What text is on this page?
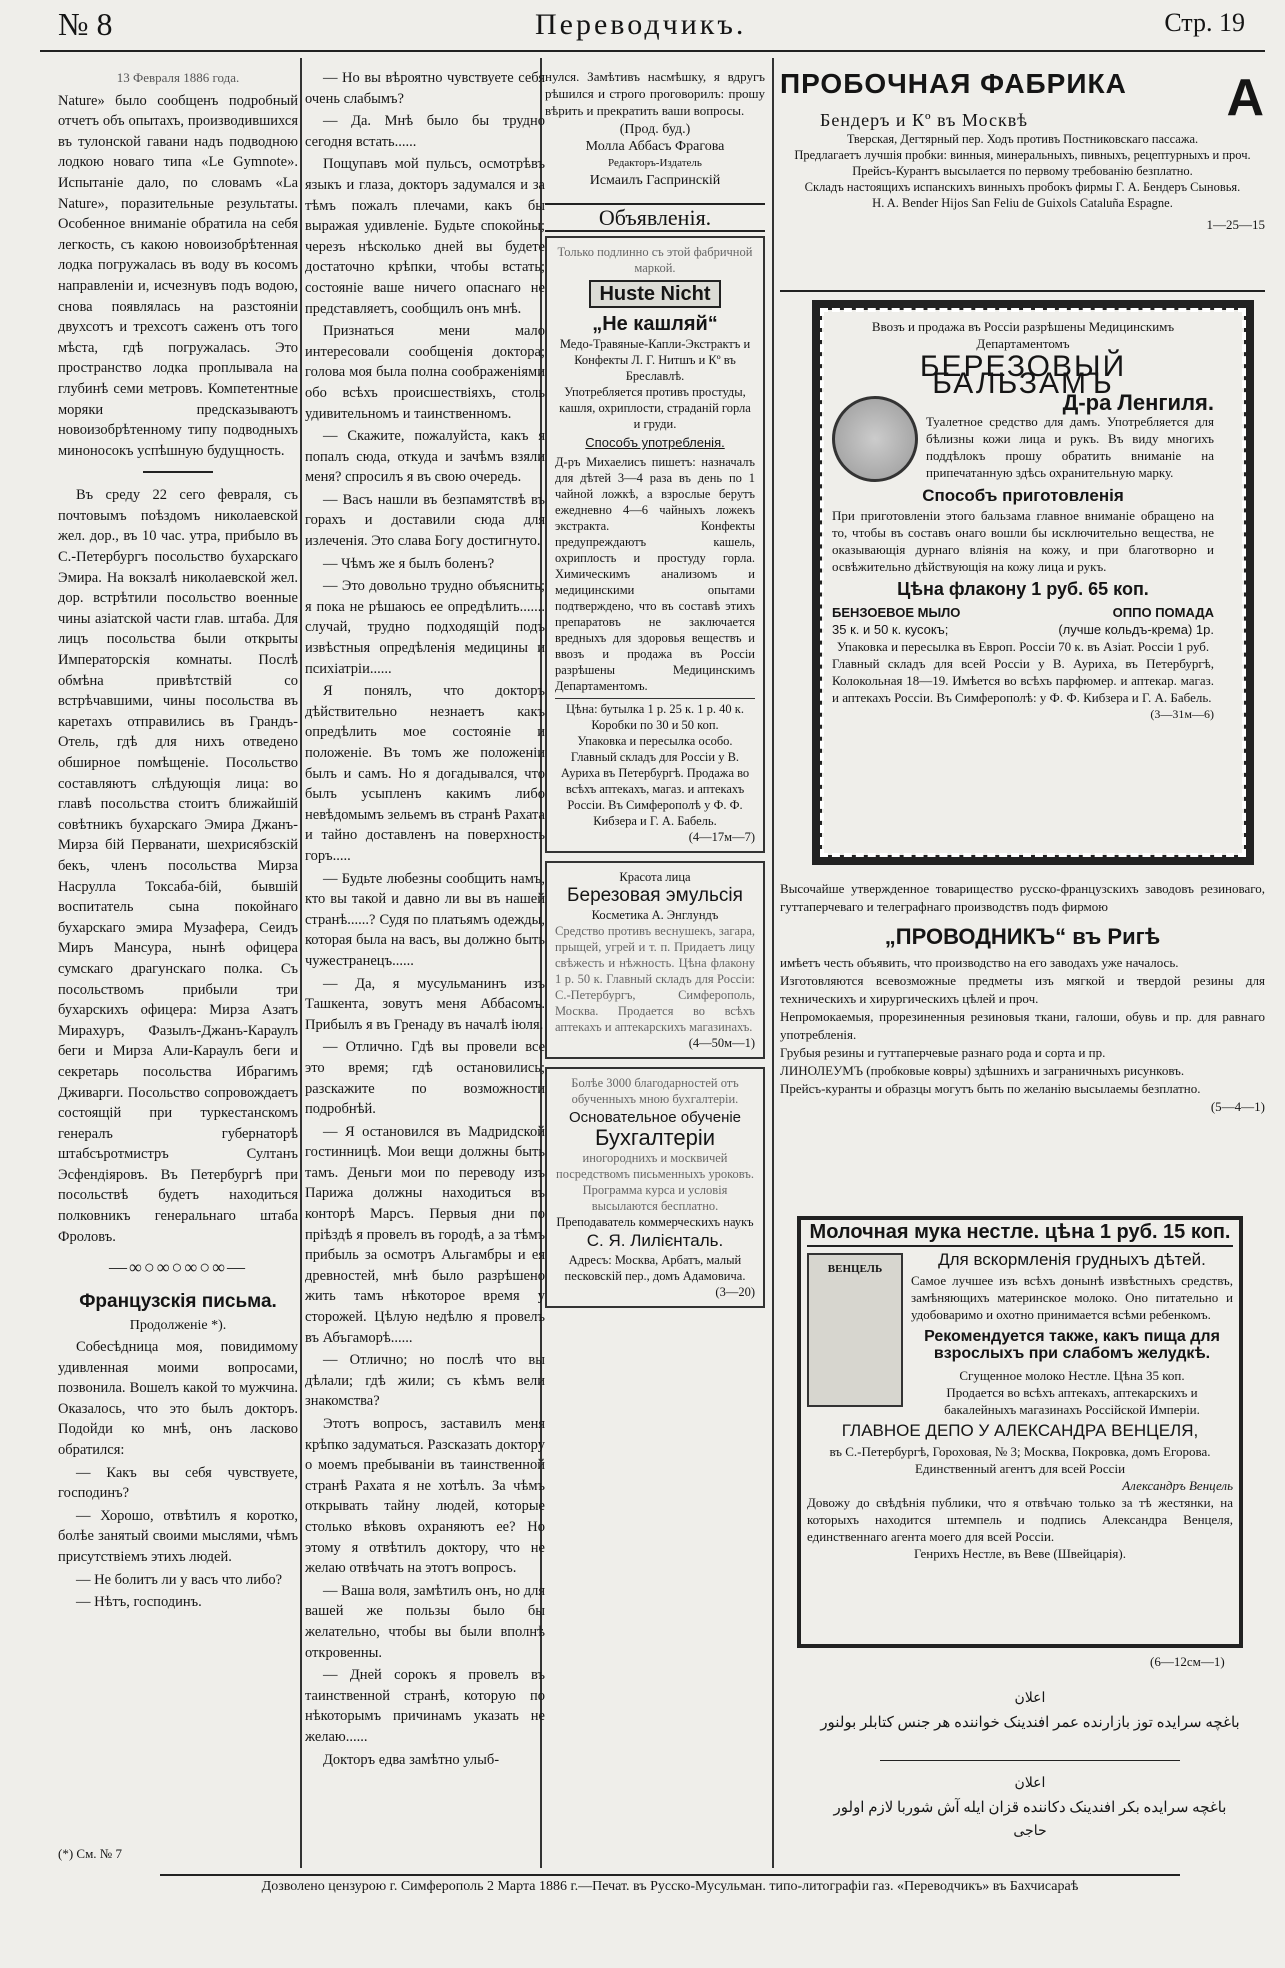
№ 8	Переводчикъ.	Стр. 19
13 Февраля 1886 года.

Nature» было сообщенъ подробный отчетъ объ опытахъ, производившихся въ тулонской гавани надъ подводною лодкою новаго типа «Le Gymnote». Испытаніе дало, по словамъ «La Nature», поразительные результаты. Особенное вниманіе обратила на себя легкость, съ какою новоизобрѣтенная лодка погружалась въ воду въ косомъ направленіи и, исчезнувъ подъ водою, снова появлялась на разстояніи двухсотъ и трехсотъ саженъ отъ того мѣста, гдѣ погружалась. Это пространство лодка проплывала на глубинѣ семи метровъ. Компетентные моряки предсказываютъ новоизобрѣтенному типу подводныхъ миноносокъ успѣшную будущность.

Въ среду 22 сего февраля, съ почтовымъ поѣздомъ николаевской жел. дор., въ 10 час. утра, прибыло въ С.-Петербургъ посольство бухарскаго Эмира. На вокзалѣ николаевской жел. дор. встрѣтили посольство военные чины азіатской части глав. штаба. Для лицъ посольства были открыты Императорскія комнаты. Послѣ обмѣна привѣтствій со встрѣчавшими, чины посольства въ каретахъ отправились въ Грандъ-Отель, гдѣ для нихъ отведено обширное помѣщеніе. Посольство составляютъ слѣдующія лица: во главѣ посольства стоитъ ближайшій совѣтникъ бухарскаго Эмира Джанъ-Мирза бій Перванати, шехрисябзскій бекъ, членъ посольства Мирза Насрулла Токсаба-бій, бывшій воспитатель сына покойнаго бухарскаго эмира Музафера, Сеидъ Миръ Мансура, нынѣ офицера сумскаго драгунскаго полка. Съ посольствомъ прибыли три бухарскихъ офицера: Мирза Азатъ Мирахуръ, Фазылъ-Джанъ-Караулъ беги и Мирза Али-Караулъ беги и секретарь посольства Ибрагимъ Дживарги. Посольство сопровождаетъ состоящій при туркестанскомъ генералъ губернаторѣ штабсъротмистръ Султанъ Эсфендіяровъ. Въ Петербургѣ при посольствѣ будетъ находиться полковникъ генеральнаго штаба Фроловъ.

—∞○∞○∞○∞—
Французскія письма.
Продолженіе *).

Собесѣдница моя, повидимому удивленная моими вопросами, позвонила. Вошелъ какой то мужчина. Оказалось, что это былъ докторъ. Подойди ко мнѣ, онъ ласково обратился:

— Какъ вы себя чувствуете, господинъ?

— Хорошо, отвѣтилъ я коротко, болѣе занятый своими мыслями, чѣмъ присутствіемъ этихъ людей.

— Не болитъ ли у васъ что либо?

— Нѣтъ, господинъ.

(*) См. № 7

— Но вы вѣроятно чувствуете себя очень слабымъ?

— Да. Мнѣ было бы трудно сегодня встать......

Пощупавъ мой пульсъ, осмотрѣвъ языкъ и глаза, докторъ задумался и за тѣмъ пожалъ плечами, какъ бы выражая удивленіе. Будьте спокойны; черезъ нѣсколько дней вы будете достаточно крѣпки, чтобы встать; состояніе ваше ничего опаснаго не представляетъ, сообщилъ онъ мнѣ.

Признаться мени мало интересовали сообщенія доктора; голова моя была полна соображеніями обо всѣхъ происшествіяхъ, столь удивительномъ и таинственномъ.

— Скажите, пожалуйста, какъ я попалъ сюда, откуда и зачѣмъ взяли меня? спросилъ я въ свою очередь.

— Васъ нашли въ безпамятствѣ въ горахъ и доставили сюда для излеченія. Это слава Богу достигнуто.

— Чѣмъ же я былъ боленъ?

— Это довольно трудно объяснить; я пока не рѣшаюсь ее опредѣлить....... случай, трудно подходящій подъ извѣстныя опредѣленія медицины и психіатріи......

Я понялъ, что докторъ дѣйствительно незнаетъ какъ опредѣлить мое состояніе и положеніе. Въ томъ же положеніи былъ и самъ. Но я догадывался, что былъ усыпленъ какимъ либо невѣдомымъ зельемъ въ странѣ Рахата и тайно доставленъ на поверхность горъ.....

— Будьте любезны сообщить намъ, кто вы такой и давно ли вы въ нашей странѣ......? Судя по платьямъ одежды, которая была на васъ, вы должно быть чужестранецъ......

— Да, я мусульманинъ изъ Ташкента, зовутъ меня Аббасомъ. Прибылъ я въ Гренаду въ началѣ іюля.

— Отлично. Гдѣ вы провели все это время; гдѣ остановились; разскажите по возможности подробнѣй.

— Я остановился въ Мадридской гостинницѣ. Мои вещи должны быть тамъ. Деньги мои по переводу изъ Парижа должны находиться въ конторѣ Марсъ. Первыя дни по пріѣздѣ я провелъ въ городѣ, а за тѣмъ прибыль за осмотръ Альгамбры и ея древностей, мнѣ было разрѣшено жить тамъ нѣкоторое время у сторожей. Цѣлую недѣлю я провелъ въ Абъгаморѣ......

— Отлично; но послѣ что вы дѣлали; гдѣ жили; съ кѣмъ вели знакомства?

Этотъ вопросъ, заставилъ меня крѣпко задуматься. Разсказать доктору о моемъ пребываніи въ таинственной странѣ Рахата я не хотѣлъ. За чѣмъ открывать тайну людей, которые столько вѣковъ охраняютъ ее? Но этому я отвѣтилъ доктору, что не желаю отвѣчать на этотъ вопросъ.

— Ваша воля, замѣтилъ онъ, но для вашей же пользы было бы желательно, чтобы вы были вполнѣ откровенны.

— Дней сорокъ я провелъ въ таинственной странѣ, которую по нѣкоторымъ причинамъ указать не желаю......

Докторъ едва замѣтно улыб-

нулся. Замѣтивъ насмѣшку, я вдругъ рѣшился и строго проговорилъ: прошу вѣрить и прекратить ваши вопросы.

(Прод. буд.)
Молла Аббасъ Фрагова
Редакторъ-Издатель
Исмаилъ Гаспринскій
Объявленія.
Только подлинно съ этой фабричной маркой.
Huste Nicht
„Не кашляй“
Медо-Травяные-Капли-Экстрактъ и Конфекты Л. Г. Нитшъ и Кº въ Бреславлѣ.
Употребляется противъ простуды, кашля, охриплости, страданій горла и груди.
Способъ употребленія.
Д-ръ Михаелисъ пишетъ: назначалъ для дѣтей 3—4 раза въ день по 1 чайной ложкѣ, а взрослые берутъ ежедневно 4—6 чайныхъ ложекъ экстракта. Конфекты предупреждаютъ кашель, охриплость и простуду горла. Химическимъ анализомъ и медицинскими опытами подтверждено, что въ составѣ этихъ препаратовъ не заключается вредныхъ для здоровья веществъ и ввозъ и продажа въ Россіи разрѣшены Медицинскимъ Департаментомъ.
Цѣна: бутылка 1 р. 25 к. 1 р. 40 к. Коробки по 30 и 50 коп.
Упаковка и пересылка особо.
Главный складъ для Россіи у В. Ауриха въ Петербургѣ. Продажа во всѣхъ аптекахъ, магаз. и аптекахъ Россіи. Въ Симферополѣ у Ф. Ф. Кибзера и Г. А. Бабель.
(4—17м—7)
Красота лица
Березовая эмульсія
Косметика А. Энглундъ
Средство противъ веснушекъ, загара, прыщей, угрей и т. п. Придаетъ лицу свѣжесть и нѣжность. Цѣна флакону 1 р. 50 к. Главный складъ для Россіи: С.-Петербургъ, Симферополь, Москва. Продается во всѣхъ аптекахъ и аптекарскихъ магазинахъ.
(4—50м—1)
Болѣе 3000 благодарностей отъ обученныхъ мною бухгалтеріи.
Основательное обученіе
Бухгалтеріи
иногороднихъ и москвичей посредствомъ письменныхъ уроковъ. Программа курса и условія высылаются бесплатно.
Преподаватель коммерческихъ наукъ
С. Я. Лилієнталь.
Адресъ: Москва, Арбатъ, малый песковскій пер., домъ Адамовича.
(3—20)
ПРОБОЧНАЯ ФАБРИКА А
Бендеръ и Кº въ Москвѣ
Тверская, Дегтярный пер. Ходъ противъ Постниковскаго пассажа.
Предлагаетъ лучшія пробки: винныя, минеральныхъ, пивныхъ, рецептурныхъ и проч.
Прейсъ-Курантъ высылается по первому требованію безплатно.
Складъ настоящихъ испанскихъ винныхъ пробокъ фирмы Г. А. Бендеръ Сыновья.
H. A. Bender Hijos San Feliu de Guixols Cataluña Espagne.
1—25—15
Ввозъ и продажа въ Россіи разрѣшены Медицинскимъ Департаментомъ
БЕРЕЗОВЫЙ БАЛЬЗАМЪ
Д-ра Ленгиля.
Туалетное средство для дамъ. Употребляется для бѣлизны кожи лица и рукъ. Въ виду многихъ поддѣлокъ прошу обратить вниманіе на припечатанную здѣсь охранительную марку.
Способъ приготовленія
При приготовленіи этого бальзама главное вниманіе обращено на то, чтобы въ составъ онаго вошли бы исключительно вещества, не оказывающія дурнаго вліянія на кожу, и при благотворно и освѣжительно дѣйствующія на кожу лица и рукъ.
Цѣна флакону 1 руб. 65 коп.
БЕНЗОЕВОЕ МЫЛО	ОППО ПОМАДА
35 к. и 50 к. кусокъ;	(лучше кольдъ-крема) 1р.
Упаковка и пересылка въ Европ. Россіи 70 к. въ Азіат. Россіи 1 руб.
Главный складъ для всей Россіи у В. Ауриха, въ Петербургѣ, Колокольная 18—19. Имѣется во всѣхъ парфюмер. и аптекар. магаз. и аптекахъ Россіи. Въ Симферополѣ: у Ф. Ф. Кибзера и Г. А. Бабель.
(3—31м—6)
Высочайше утвержденное товарищество русско-французскихъ заводовъ резиноваго, гуттаперчеваго и телеграфнаго производствъ подъ фирмою
„ПРОВОДНИКЪ“ въ Ригѣ
имѣетъ честь объявить, что производство на его заводахъ уже началось.
Изготовляются всевозможные предметы изъ мягкой и твердой резины для техническихъ и хирургическихъ цѣлей и проч.
Непромокаемыя, прорезиненныя резиновыя ткани, галоши, обувь и пр. для равнаго употребленія.
Грубыя резины и гуттаперчевые разнаго рода и сорта и пр.
ЛИНОЛЕУМЪ (пробковые ковры) здѣшнихъ и заграничныхъ рисунковъ.
Прейсъ-куранты и образцы могутъ быть по желанію высылаемы безплатно.
(5—4—1)
Молочная мука нестле. цѣна 1 руб. 15 коп.
ВЕНЦЕЛЬ	Для вскормленія грудныхъ дѣтей.
Самое лучшее изъ всѣхъ донынѣ извѣстныхъ средствъ, замѣняющихъ материнское молоко. Оно питательно и удобоваримо и охотно принимается всѣми ребенкомъ.
Рекомендуется также, какъ пища для взрослыхъ при слабомъ желудкѣ.
Сгущенное молоко Нестле. Цѣна 35 коп.
Продается во всѣхъ аптекахъ, аптекарскихъ и бакалейныхъ магазинахъ Россійской Имперіи.
ГЛАВНОЕ ДЕПО У АЛЕКСАНДРА ВЕНЦЕЛЯ,
въ С.-Петербургѣ, Гороховая, № 3; Москва, Покровка, домъ Егорова.
Единственный агентъ для всей Россіи
Александръ Венцель
Довожу до свѣдѣнія публики, что я отвѣчаю только за тѣ жестянки, на которыхъ находится штемпель и подпись Александра Венцеля, единственнаго агента моего для всей Россіи.
Генрихъ Нестле, въ Веве (Швейцарія).
(6—12см—1)
اعلان
باغچه سرایده توز بازارنده عمر افندینک خواننده هر جنس کتابلر بولنور
اعلان
باغچه سرایده بکر افندینک دکاننده قزان ایله آش شوربا لازم اولور
حاجی
Дозволено цензурою г. Симферополь 2 Марта 1886 г.—Печат. въ Русско-Мусульман. типо-литографіи газ. «Переводчикъ» въ Бахчисараѣ
